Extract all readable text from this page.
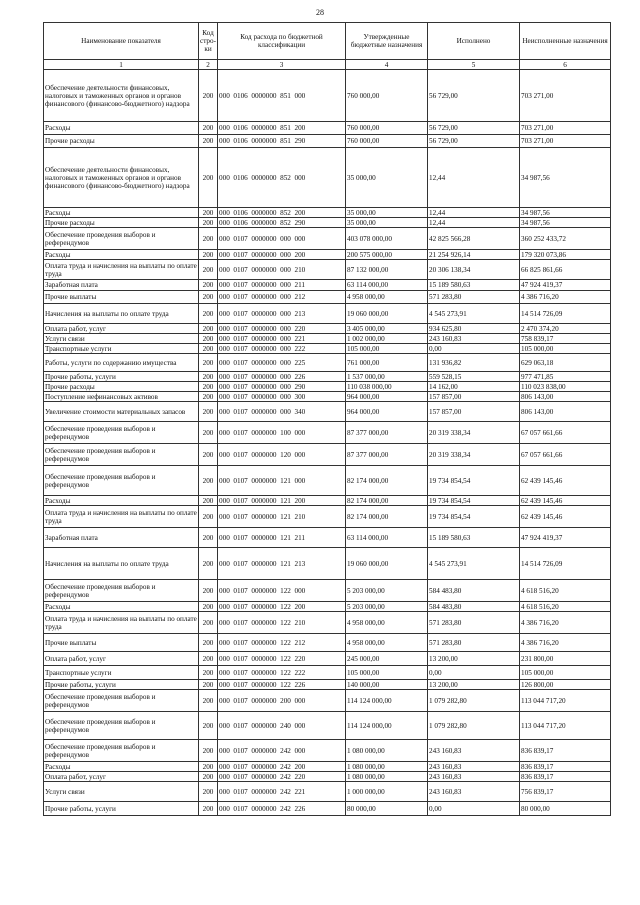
28
Наименование показателя	Код стро-ки	Код расхода по бюджетной классификации	Утвержденные бюджетные назначения	Исполнено	Неисполненные назначения
1	2	3	4	5	6
Обеспечение деятельности финансовых, налоговых и таможенных органов и органов финансового (финансово-бюджетного) надзора	200	000  0106  0000000  851  000	760 000,00	56 729,00	703 271,00
Расходы	200	000  0106  0000000  851  200	760 000,00	56 729,00	703 271,00
Прочие расходы	200	000  0106  0000000  851  290	760 000,00	56 729,00	703 271,00
Обеспечение деятельности финансовых, налоговых и таможенных органов и органов финансового (финансово-бюджетного) надзора	200	000  0106  0000000  852  000	35 000,00	12,44	34 987,56
Расходы	200	000  0106  0000000  852  200	35 000,00	12,44	34 987,56
Прочие расходы	200	000  0106  0000000  852  290	35 000,00	12,44	34 987,56
Обеспечение проведения выборов и референдумов	200	000  0107  0000000  000  000	403 078 000,00	42 825 566,28	360 252 433,72
Расходы	200	000  0107  0000000  000  200	200 575 000,00	21 254 926,14	179 320 073,86
Оплата труда и начисления на выплаты по оплате труда	200	000  0107  0000000  000  210	87 132 000,00	20 306 138,34	66 825 861,66
Заработная плата	200	000  0107  0000000  000  211	63 114 000,00	15 189 580,63	47 924 419,37
Прочие выплаты	200	000  0107  0000000  000  212	4 958 000,00	571 283,80	4 386 716,20
Начисления на выплаты по оплате труда	200	000  0107  0000000  000  213	19 060 000,00	4 545 273,91	14 514 726,09
Оплата работ, услуг	200	000  0107  0000000  000  220	3 405 000,00	934 625,80	2 470 374,20
Услуги связи	200	000  0107  0000000  000  221	1 002 000,00	243 160,83	758 839,17
Транспортные услуги	200	000  0107  0000000  000  222	105 000,00	0,00	105 000,00
Работы, услуги по содержанию имущества	200	000  0107  0000000  000  225	761 000,00	131 936,82	629 063,18
Прочие работы, услуги	200	000  0107  0000000  000  226	1 537 000,00	559 528,15	977 471,85
Прочие расходы	200	000  0107  0000000  000  290	110 038 000,00	14 162,00	110 023 838,00
Поступление нефинансовых активов	200	000  0107  0000000  000  300	964 000,00	157 857,00	806 143,00
Увеличение стоимости материальных запасов	200	000  0107  0000000  000  340	964 000,00	157 857,00	806 143,00
Обеспечение проведения выборов и референдумов	200	000  0107  0000000  100  000	87 377 000,00	20 319 338,34	67 057 661,66
Обеспечение проведения выборов и референдумов	200	000  0107  0000000  120  000	87 377 000,00	20 319 338,34	67 057 661,66
Обеспечение проведения выборов и референдумов	200	000  0107  0000000  121  000	82 174 000,00	19 734 854,54	62 439 145,46
Расходы	200	000  0107  0000000  121  200	82 174 000,00	19 734 854,54	62 439 145,46
Оплата труда и начисления на выплаты по оплате труда	200	000  0107  0000000  121  210	82 174 000,00	19 734 854,54	62 439 145,46
Заработная плата	200	000  0107  0000000  121  211	63 114 000,00	15 189 580,63	47 924 419,37
Начисления на выплаты по оплате труда	200	000  0107  0000000  121  213	19 060 000,00	4 545 273,91	14 514 726,09
Обеспечение проведения выборов и референдумов	200	000  0107  0000000  122  000	5 203 000,00	584 483,80	4 618 516,20
Расходы	200	000  0107  0000000  122  200	5 203 000,00	584 483,80	4 618 516,20
Оплата труда и начисления на выплаты по оплате труда	200	000  0107  0000000  122  210	4 958 000,00	571 283,80	4 386 716,20
Прочие выплаты	200	000  0107  0000000  122  212	4 958 000,00	571 283,80	4 386 716,20
Оплата работ, услуг	200	000  0107  0000000  122  220	245 000,00	13 200,00	231 800,00
Транспортные услуги	200	000  0107  0000000  122  222	105 000,00	0,00	105 000,00
Прочие работы, услуги	200	000  0107  0000000  122  226	140 000,00	13 200,00	126 800,00
Обеспечение проведения выборов и референдумов	200	000  0107  0000000  200  000	114 124 000,00	1 079 282,80	113 044 717,20
Обеспечение проведения выборов и референдумов	200	000  0107  0000000  240  000	114 124 000,00	1 079 282,80	113 044 717,20
Обеспечение проведения выборов и референдумов	200	000  0107  0000000  242  000	1 080 000,00	243 160,83	836 839,17
Расходы	200	000  0107  0000000  242  200	1 080 000,00	243 160,83	836 839,17
Оплата работ, услуг	200	000  0107  0000000  242  220	1 080 000,00	243 160,83	836 839,17
Услуги связи	200	000  0107  0000000  242  221	1 000 000,00	243 160,83	756 839,17
Прочие работы, услуги	200	000  0107  0000000  242  226	80 000,00	0,00	80 000,00
